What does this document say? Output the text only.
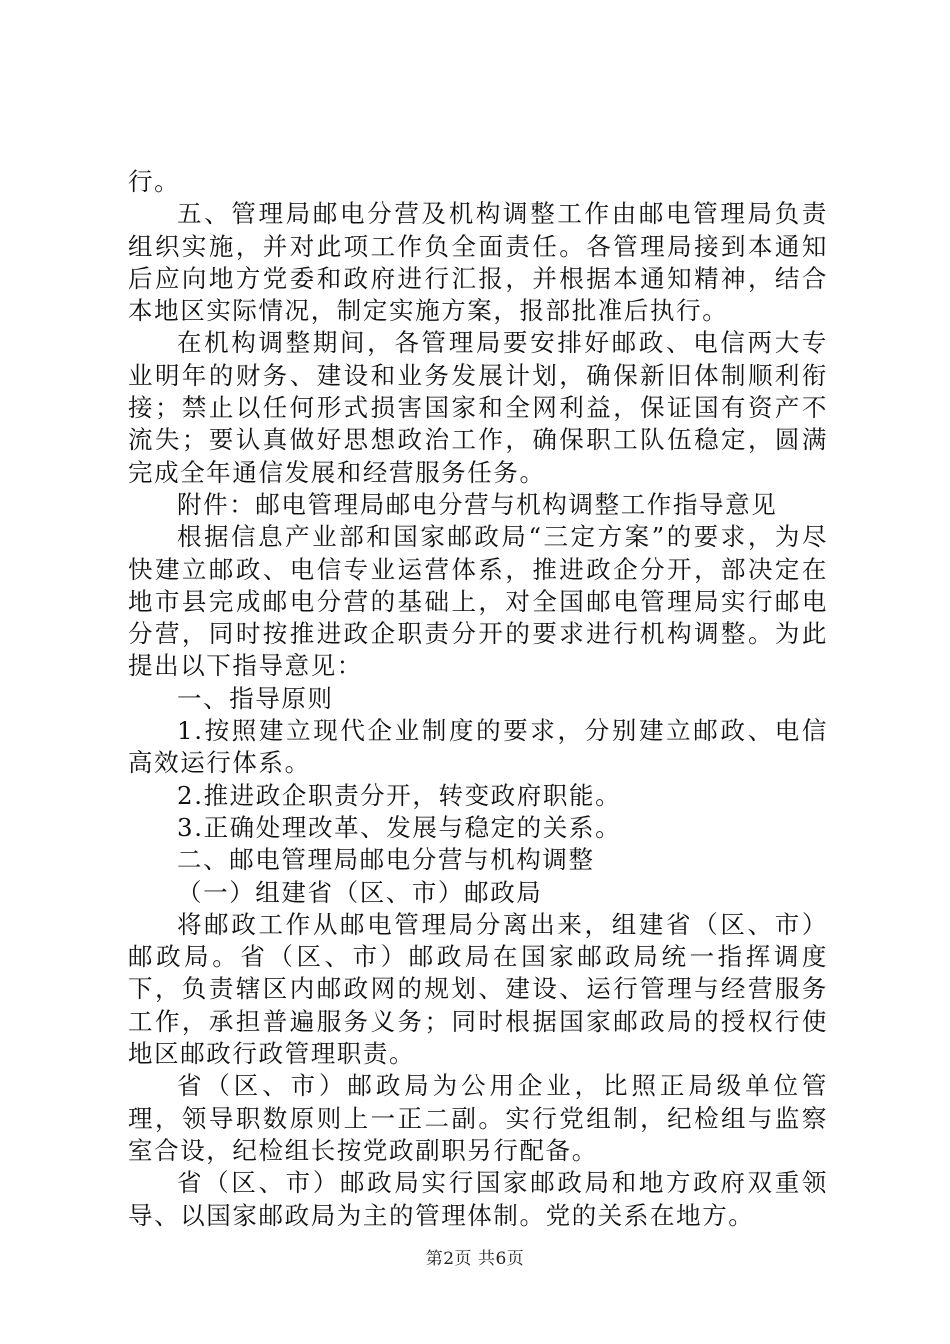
行。

五、管理局邮电分营及机构调整工作由邮电管理局负责组织实施，并对此项工作负全面责任。各管理局接到本通知后应向地方党委和政府进行汇报，并根据本通知精神，结合本地区实际情况，制定实施方案，报部批准后执行。

在机构调整期间，各管理局要安排好邮政、电信两大专业明年的财务、建设和业务发展计划，确保新旧体制顺利衔接；禁止以任何形式损害国家和全网利益，保证国有资产不流失；要认真做好思想政治工作，确保职工队伍稳定，圆满完成全年通信发展和经营服务任务。

附件：邮电管理局邮电分营与机构调整工作指导意见

根据信息产业部和国家邮政局“三定方案”的要求，为尽快建立邮政、电信专业运营体系，推进政企分开，部决定在地市县完成邮电分营的基础上，对全国邮电管理局实行邮电分营，同时按推进政企职责分开的要求进行机构调整。为此提出以下指导意见：

一、指导原则

1.按照建立现代企业制度的要求，分别建立邮政、电信高效运行体系。

2.推进政企职责分开，转变政府职能。

3.正确处理改革、发展与稳定的关系。

二、邮电管理局邮电分营与机构调整

（一）组建省（区、市）邮政局

将邮政工作从邮电管理局分离出来，组建省（区、市）邮政局。省（区、市）邮政局在国家邮政局统一指挥调度下，负责辖区内邮政网的规划、建设、运行管理与经营服务工作，承担普遍服务义务；同时根据国家邮政局的授权行使地区邮政行政管理职责。

省（区、市）邮政局为公用企业，比照正局级单位管理，领导职数原则上一正二副。实行党组制，纪检组与监察室合设，纪检组长按党政副职另行配备。

省（区、市）邮政局实行国家邮政局和地方政府双重领导、以国家邮政局为主的管理体制。党的关系在地方。

第2页 共6页
